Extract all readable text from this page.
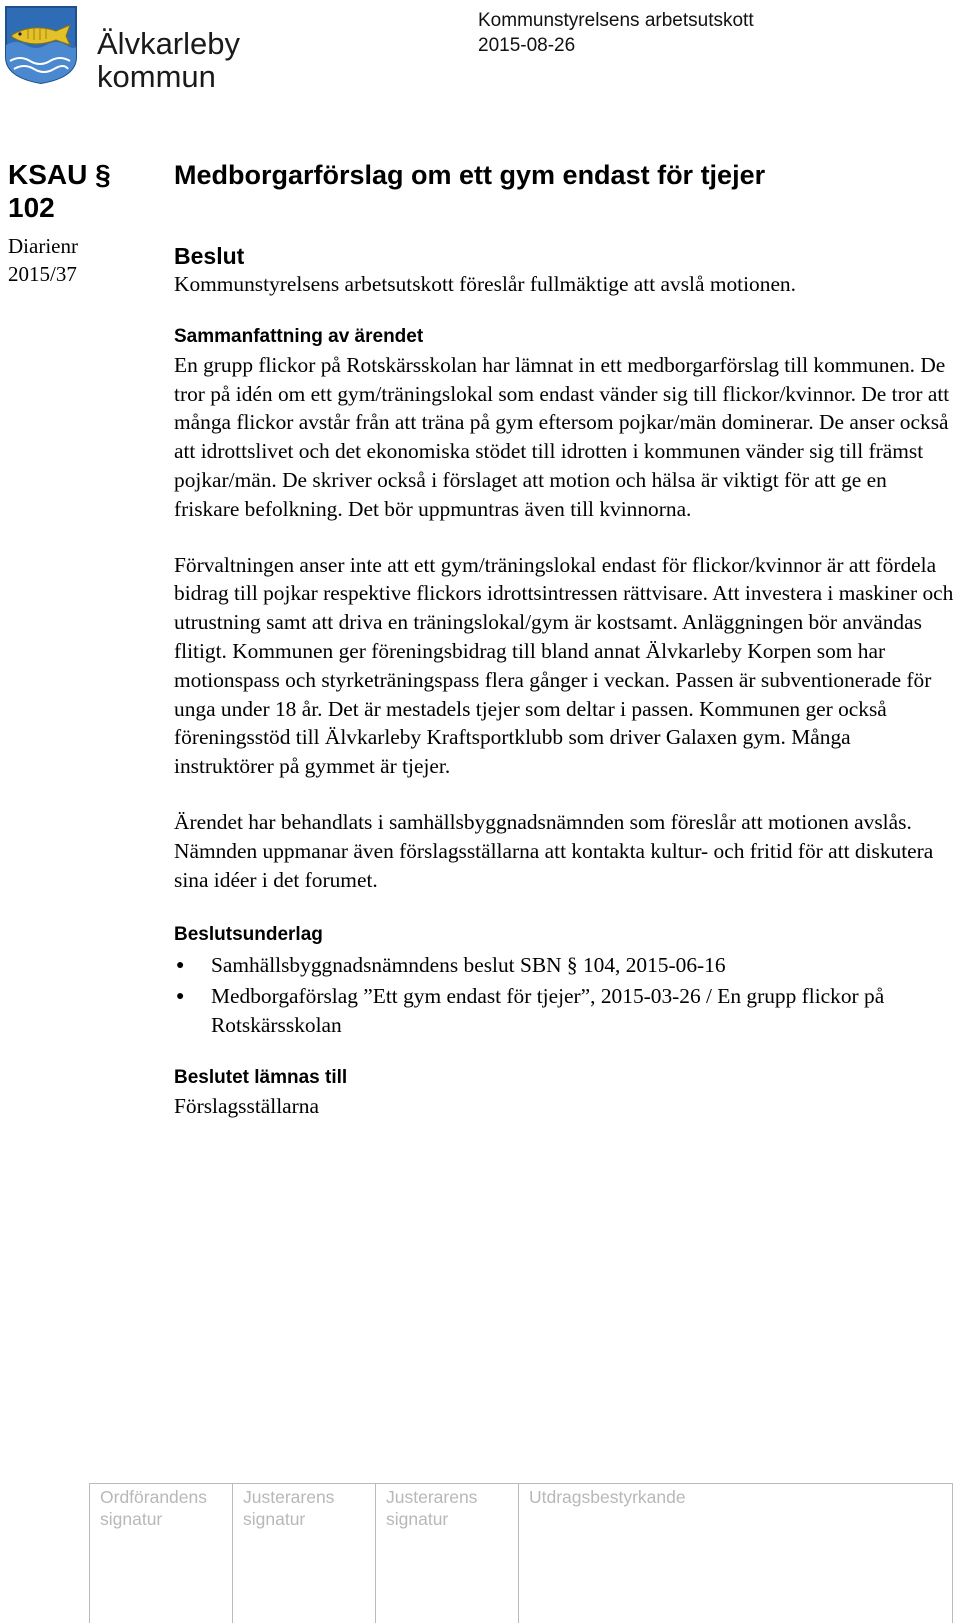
Älvkarleby
kommun
Kommunstyrelsens arbetsutskott
2015-08-26
KSAU §
102
Diarienr
2015/37
Medborgarförslag om ett gym endast för tjejer
Beslut

Kommunstyrelsens arbetsutskott föreslår fullmäktige att avslå motionen.

Sammanfattning av ärendet

En grupp flickor på Rotskärsskolan har lämnat in ett medborgarförslag till kommunen. De tror på idén om ett gym/träningslokal som endast vänder sig till flickor/kvinnor. De tror att många flickor avstår från att träna på gym eftersom pojkar/män dominerar. De anser också att idrottslivet och det ekonomiska stödet till idrotten i kommunen vänder sig till främst pojkar/män. De skriver också i förslaget att motion och hälsa är viktigt för att ge en friskare befolkning. Det bör uppmuntras även till kvinnorna.

Förvaltningen anser inte att ett gym/träningslokal endast för flickor/kvinnor är att fördela bidrag till pojkar respektive flickors idrottsintressen rättvisare. Att investera i maskiner och utrustning samt att driva en träningslokal/gym är kostsamt. Anläggningen bör användas flitigt. Kommunen ger föreningsbidrag till bland annat Älvkarleby Korpen som har motionspass och styrketräningspass flera gånger i veckan. Passen är subventionerade för unga under 18 år. Det är mestadels tjejer som deltar i passen. Kommunen ger också föreningsstöd till Älvkarleby Kraftsportklubb som driver Galaxen gym. Många instruktörer på gymmet är tjejer.

Ärendet har behandlats i samhällsbyggnadsnämnden som föreslår att motionen avslås. Nämnden uppmanar även förslagsställarna att kontakta kultur- och fritid för att diskutera sina idéer i det forumet.

Beslutsunderlag
● Samhällsbyggnadsnämndens beslut SBN § 104, 2015-06-16
● Medborgaförslag ”Ett gym endast för tjejer”, 2015-03-26 / En grupp flickor på Rotskärsskolan
Beslutet lämnas till

Förslagsställarna

Ordförandens
signatur

Justerarens
signatur

Justerarens
signatur

Utdragsbestyrkande
